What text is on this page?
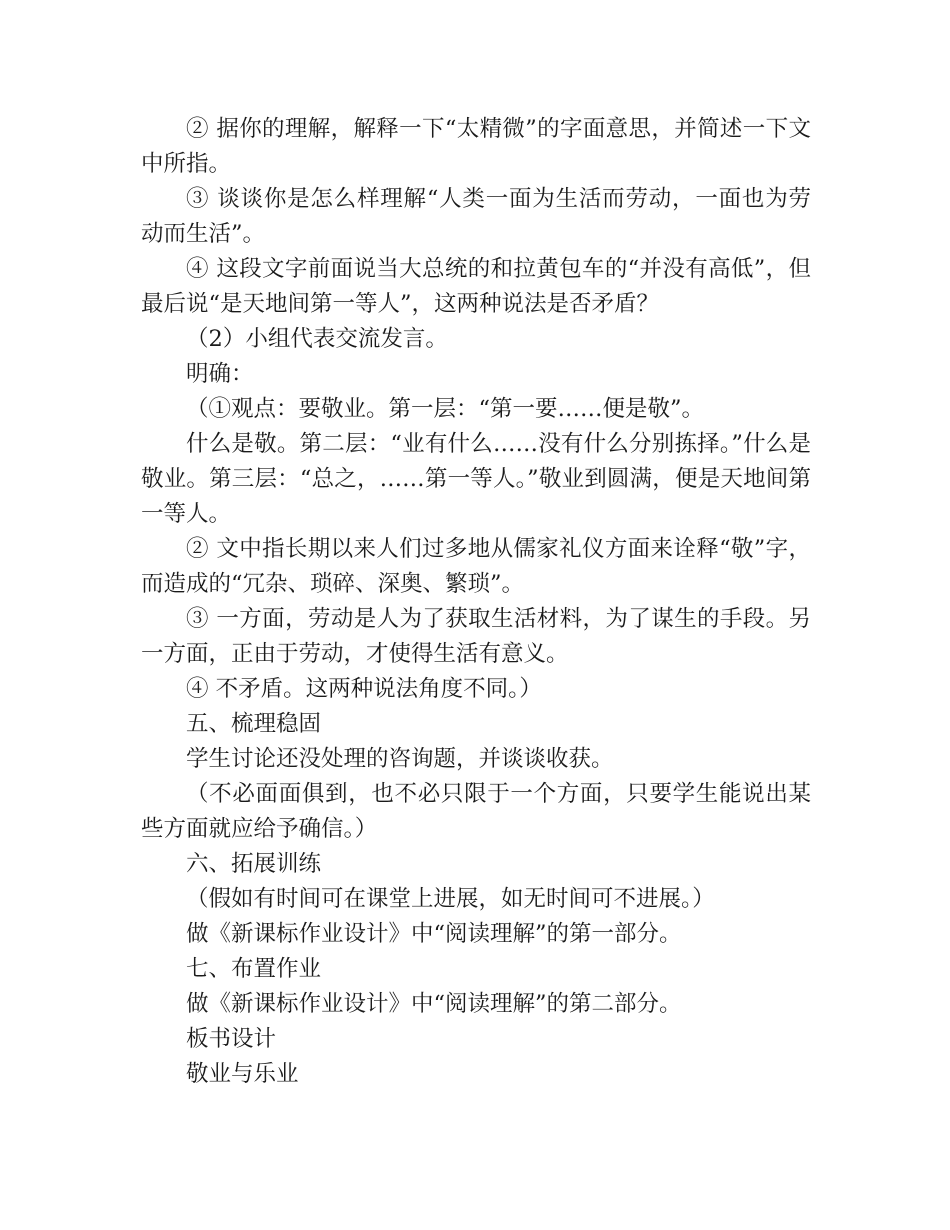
② 据你的理解，解释一下“太精微”的字面意思，并简述一下文中所指。

③ 谈谈你是怎么样理解“人类一面为生活而劳动，一面也为劳动而生活”。

④ 这段文字前面说当大总统的和拉黄包车的“并没有高低”，但最后说“是天地间第一等人”，这两种说法是否矛盾？

（2）小组代表交流发言。

明确：

（①观点：要敬业。第一层：“第一要……便是敬”。

什么是敬。第二层：“业有什么……没有什么分别拣择。”什么是敬业。第三层：“总之，……第一等人。”敬业到圆满，便是天地间第一等人。

② 文中指长期以来人们过多地从儒家礼仪方面来诠释“敬”字，而造成的“冗杂、琐碎、深奥、繁琐”。

③ 一方面，劳动是人为了获取生活材料，为了谋生的手段。另一方面，正由于劳动，才使得生活有意义。

④ 不矛盾。这两种说法角度不同。）

五、梳理稳固

学生讨论还没处理的咨询题，并谈谈收获。

（不必面面俱到，也不必只限于一个方面，只要学生能说出某些方面就应给予确信。）

六、拓展训练

（假如有时间可在课堂上进展，如无时间可不进展。）

做《新课标作业设计》中“阅读理解”的第一部分。

七、布置作业

做《新课标作业设计》中“阅读理解”的第二部分。

板书设计

敬业与乐业
